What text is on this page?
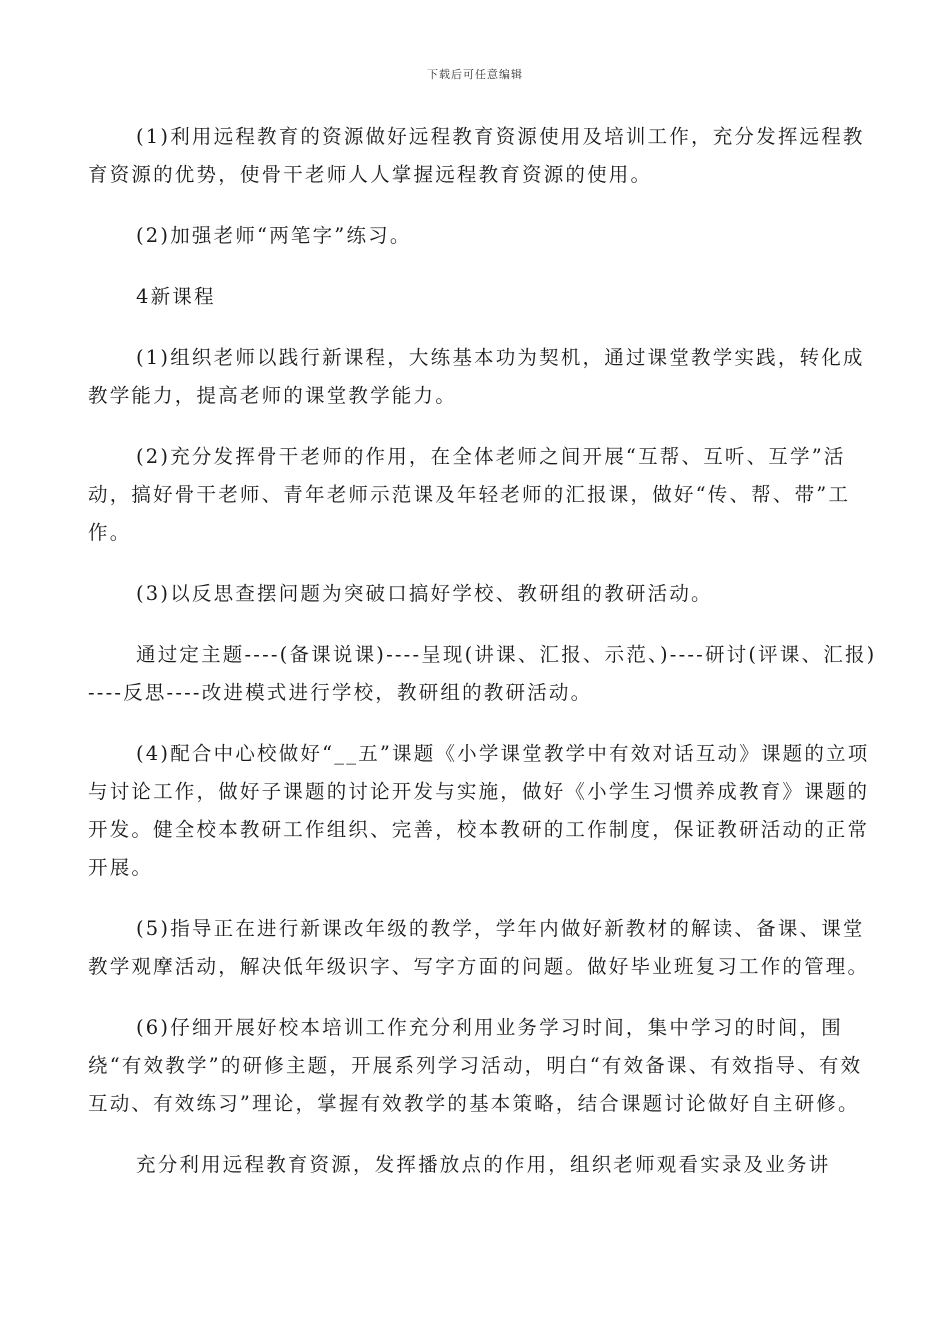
下载后可任意编辑

(1)利用远程教育的资源做好远程教育资源使用及培训工作，充分发挥远程教育资源的优势，使骨干老师人人掌握远程教育资源的使用。

(2)加强老师“两笔字”练习。

4新课程

(1)组织老师以践行新课程，大练基本功为契机，通过课堂教学实践，转化成教学能力，提高老师的课堂教学能力。

(2)充分发挥骨干老师的作用，在全体老师之间开展“互帮、互听、互学”活动，搞好骨干老师、青年老师示范课及年轻老师的汇报课，做好“传、帮、带”工作。

(3)以反思查摆问题为突破口搞好学校、教研组的教研活动。

通过定主题----(备课说课)----呈现(讲课、汇报、示范、)----研讨(评课、汇报)----反思----改进模式进行学校，教研组的教研活动。

(4)配合中心校做好“__五”课题《小学课堂教学中有效对话互动》课题的立项与讨论工作，做好子课题的讨论开发与实施，做好《小学生习惯养成教育》课题的开发。健全校本教研工作组织、完善，校本教研的工作制度，保证教研活动的正常开展。

(5)指导正在进行新课改年级的教学，学年内做好新教材的解读、备课、课堂教学观摩活动，解决低年级识字、写字方面的问题。做好毕业班复习工作的管理。

(6)仔细开展好校本培训工作充分利用业务学习时间，集中学习的时间，围绕“有效教学”的研修主题，开展系列学习活动，明白“有效备课、有效指导、有效互动、有效练习”理论，掌握有效教学的基本策略，结合课题讨论做好自主研修。

充分利用远程教育资源，发挥播放点的作用，组织老师观看实录及业务讲
